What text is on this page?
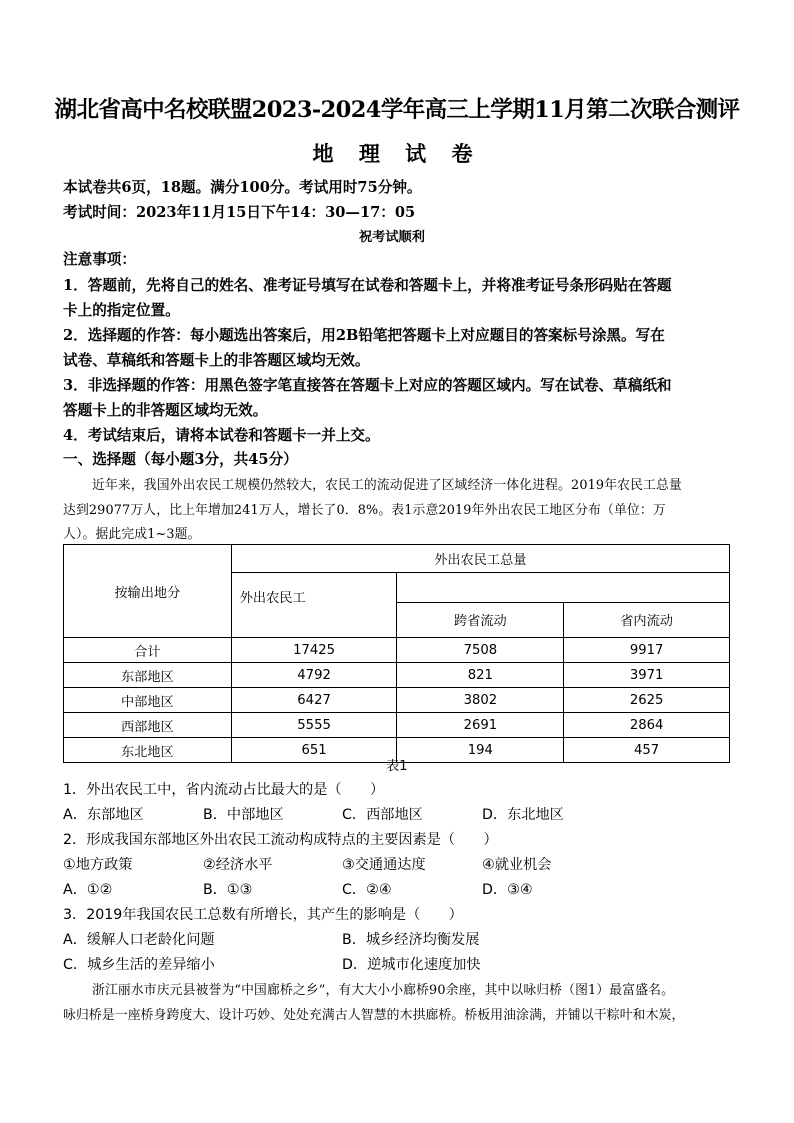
湖北省高中名校联盟2023-2024学年高三上学期11月第二次联合测评
地 理 试 卷
本试卷共6页，18题。满分100分。考试用时75分钟。
考试时间：2023年11月15日下午14：30—17：05
祝考试顺利
注意事项：
1．答题前，先将自己的姓名、准考证号填写在试卷和答题卡上，并将准考证号条形码贴在答题
卡上的指定位置。
2．选择题的作答：每小题选出答案后，用2B铅笔把答题卡上对应题目的答案标号涂黑。写在
试卷、草稿纸和答题卡上的非答题区域均无效。
3．非选择题的作答：用黑色签字笔直接答在答题卡上对应的答题区域内。写在试卷、草稿纸和
答题卡上的非答题区域均无效。
4．考试结束后，请将本试卷和答题卡一并上交。
一、选择题（每小题3分，共45分）
近年来，我国外出农民工规模仍然较大，农民工的流动促进了区域经济一体化进程。2019年农民工总量
达到29077万人，比上年增加241万人，增长了0．8%。表1示意2019年外出农民工地区分布（单位：万
人）。据此完成1~3题。
按输出地分	外出农民工总量		
	外出农民工		
		跨省流动	省内流动
合计	17425	7508	9917
东部地区	4792	821	3971
中部地区	6427	3802	2625
西部地区	5555	2691	2864
东北地区	651	194	457
表1
1．外出农民工中，省内流动占比最大的是（　　）
A．东部地区	B．中部地区	C．西部地区	D．东北地区
2．形成我国东部地区外出农民工流动构成特点的主要因素是（　　）
①地方政策	②经济水平	③交通通达度	④就业机会
A．①②	B．①③	C．②④	D．③④
3．2019年我国农民工总数有所增长，其产生的影响是（　　）
A．缓解人口老龄化问题	B．城乡经济均衡发展
C．城乡生活的差异缩小	D．逆城市化速度加快
浙江丽水市庆元县被誉为“中国廊桥之乡”，有大大小小廊桥90余座，其中以咏归桥（图1）最富盛名。
咏归桥是一座桥身跨度大、设计巧妙、处处充满古人智慧的木拱廊桥。桥板用油涂满，并铺以干粽叶和木炭，
